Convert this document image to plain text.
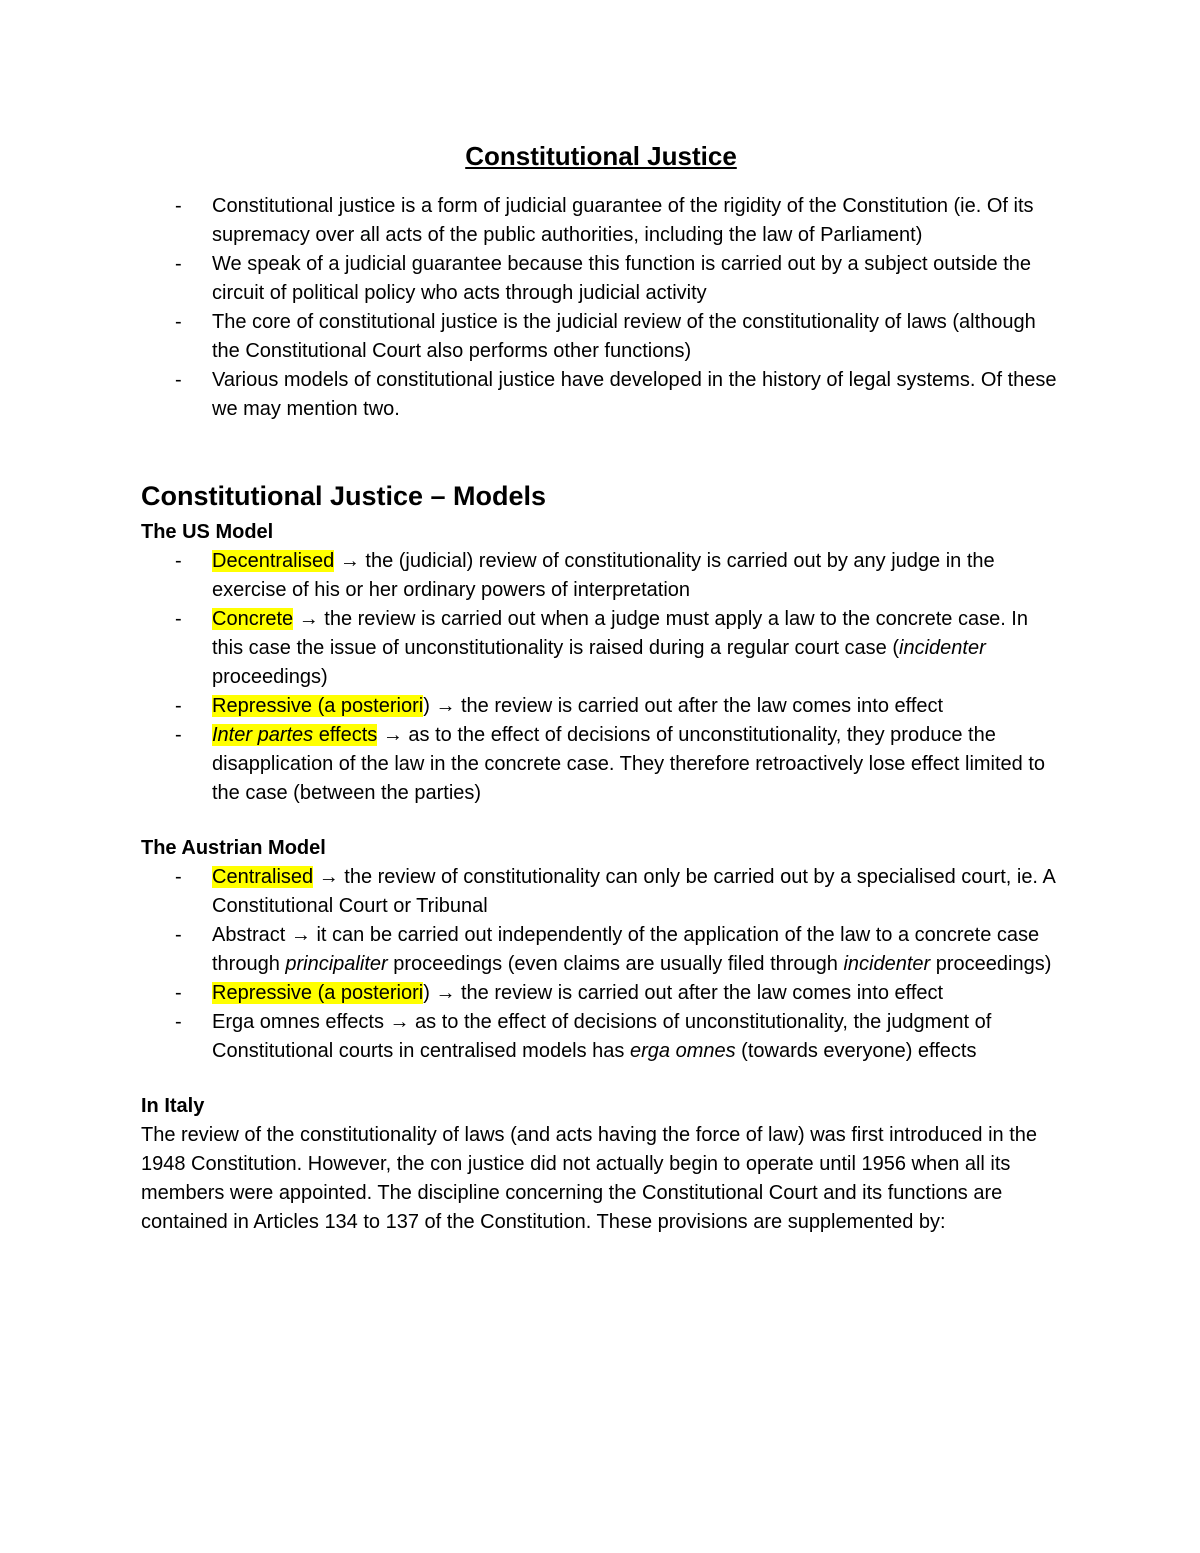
Constitutional Justice
- Constitutional justice is a form of judicial guarantee of the rigidity of the Constitution (ie. Of its supremacy over all acts of the public authorities, including the law of Parliament)
- We speak of a judicial guarantee because this function is carried out by a subject outside the circuit of political policy who acts through judicial activity
- The core of constitutional justice is the judicial review of the constitutionality of laws (although the Constitutional Court also performs other functions)
- Various models of constitutional justice have developed in the history of legal systems. Of these we may mention two.
Constitutional Justice – Models

The US Model

- Decentralised → the (judicial) review of constitutionality is carried out by any judge in the exercise of his or her ordinary powers of interpretation
- Concrete → the review is carried out when a judge must apply a law to the concrete case. In this case the issue of unconstitutionality is raised during a regular court case (incidenter proceedings)
- Repressive (a posteriori) → the review is carried out after the law comes into effect
- Inter partes effects → as to the effect of decisions of unconstitutionality, they produce the disapplication of the law in the concrete case. They therefore retroactively lose effect limited to the case (between the parties)

The Austrian Model

- Centralised → the review of constitutionality can only be carried out by a specialised court, ie. A Constitutional Court or Tribunal
- Abstract → it can be carried out independently of the application of the law to a concrete case through principaliter proceedings (even claims are usually filed through incidenter proceedings)
- Repressive (a posteriori) → the review is carried out after the law comes into effect
- Erga omnes effects → as to the effect of decisions of unconstitutionality, the judgment of Constitutional courts in centralised models has erga omnes (towards everyone) effects

In Italy

The review of the constitutionality of laws (and acts having the force of law) was first introduced in the 1948 Constitution. However, the con justice did not actually begin to operate until 1956 when all its members were appointed. The discipline concerning the Constitutional Court and its functions are contained in Articles 134 to 137 of the Constitution. These provisions are supplemented by:
